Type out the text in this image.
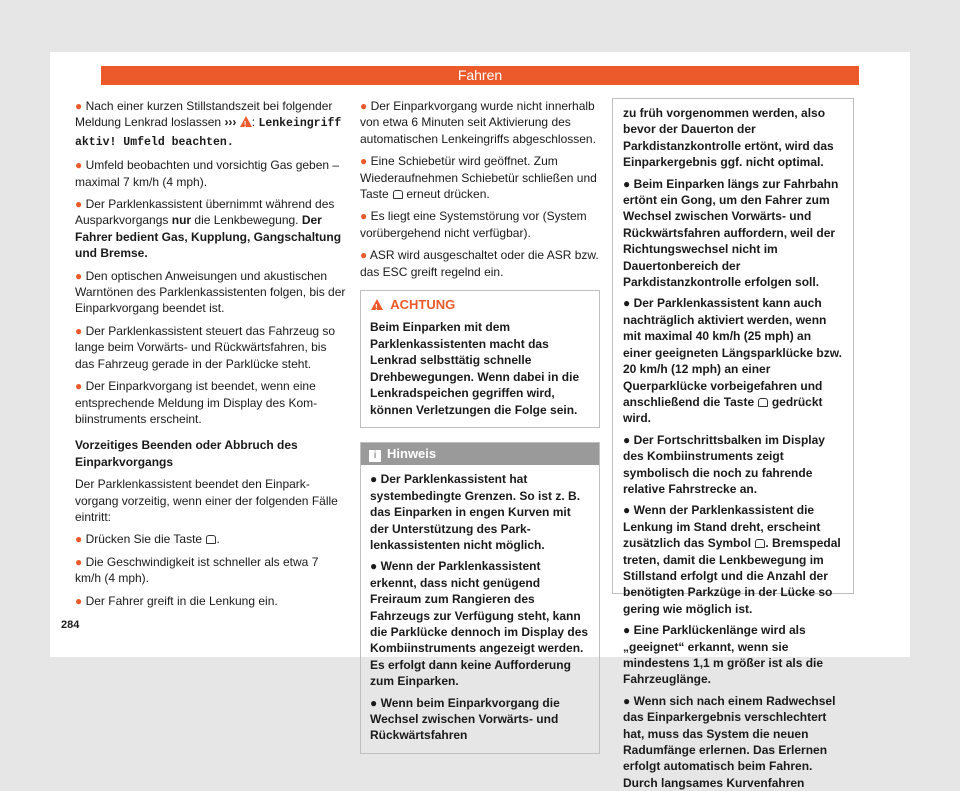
Fahren

● Nach einer kurzen Stillstandszeit bei folgender Meldung Lenkrad loslassen ››› ! : Lenkeingriff aktiv! Umfeld beachten.

● Umfeld beobachten und vorsichtig Gas geben – maximal 7 km/h (4 mph).

● Der Parklenkassistent übernimmt während des Ausparkvorgangs nur die Lenkbewegung. Der Fahrer bedient Gas, Kupplung, Gangschaltung und Bremse.

● Den optischen Anweisungen und akustischen Warntönen des Parklenkassistenten folgen, bis der Einparkvorgang beendet ist.

● Der Parklenkassistent steuert das Fahrzeug so lange beim Vorwärts- und Rückwärtsfahren, bis das Fahrzeug gerade in der Parklücke steht.

● Der Einparkvorgang ist beendet, wenn eine entsprechende Meldung im Display des Kombiinstruments erscheint.

Vorzeitiges Beenden oder Abbruch des Einparkvorgangs

Der Parklenkassistent beendet den Einparkvorgang vorzeitig, wenn einer der folgenden Fälle eintritt:

● Drücken Sie die Taste .

● Die Geschwindigkeit ist schneller als etwa 7 km/h (4 mph).

● Der Fahrer greift in die Lenkung ein.

● Der Einparkvorgang wurde nicht innerhalb von etwa 6 Minuten seit Aktivierung des automatischen Lenkeingriffs abgeschlossen.

● Eine Schiebetür wird geöffnet. Zum Wiederaufnehmen Schiebetür schließen und Taste  erneut drücken.

● Es liegt eine Systemstörung vor (System vorübergehend nicht verfügbar).

● ASR wird ausgeschaltet oder die ASR bzw. das ESC greift regelnd ein.

!  ACHTUNG
Beim Einparken mit dem Parklenkassistenten macht das Lenkrad selbsttätig schnelle Drehbewegungen. Wenn dabei in die Lenkradspeichen gegriffen wird, können Verletzungen die Folge sein.
i Hinweis

● Der Parklenkassistent hat systembedingte Grenzen. So ist z. B. das Einparken in engen Kurven mit der Unterstützung des Parklenkassistenten nicht möglich.

● Wenn der Parklenkassistent erkennt, dass nicht genügend Freiraum zum Rangieren des Fahrzeugs zur Verfügung steht, kann die Parklücke dennoch im Display des Kombiinstruments angezeigt werden. Es erfolgt dann keine Aufforderung zum Einparken.

● Wenn beim Einparkvorgang die Wechsel zwischen Vorwärts- und Rückwärtsfahren

zu früh vorgenommen werden, also bevor der Dauerton der Parkdistanzkontrolle ertönt, wird das Einparkergebnis ggf. nicht optimal.

● Beim Einparken längs zur Fahrbahn ertönt ein Gong, um den Fahrer zum Wechsel zwischen Vorwärts- und Rückwärtsfahren auffordern, weil der Richtungswechsel nicht im Dauertonbereich der Parkdistanzkontrolle erfolgen soll.

● Der Parklenkassistent kann auch nachträglich aktiviert werden, wenn mit maximal 40 km/h (25 mph) an einer geeigneten Längsparklücke bzw. 20 km/h (12 mph) an einer Querparklücke vorbeigefahren und anschließend die Taste  gedrückt wird.

● Der Fortschrittsbalken im Display des Kombiinstruments zeigt symbolisch die noch zu fahrende relative Fahrstrecke an.

● Wenn der Parklenkassistent die Lenkung im Stand dreht, erscheint zusätzlich das Symbol . Bremspedal treten, damit die Lenkbewegung im Stillstand erfolgt und die Anzahl der benötigten Parkzüge in der Lücke so gering wie möglich ist.

● Eine Parklückenlänge wird als „geeignet“ erkannt, wenn sie mindestens 1,1 m größer ist als die Fahrzeuglänge.

● Wenn sich nach einem Radwechsel das Einparkergebnis verschlechtert hat, muss das System die neuen Radumfänge erlernen. Das Erlernen erfolgt automatisch beim Fahren. Durch langsames Kurvenfahren

284
